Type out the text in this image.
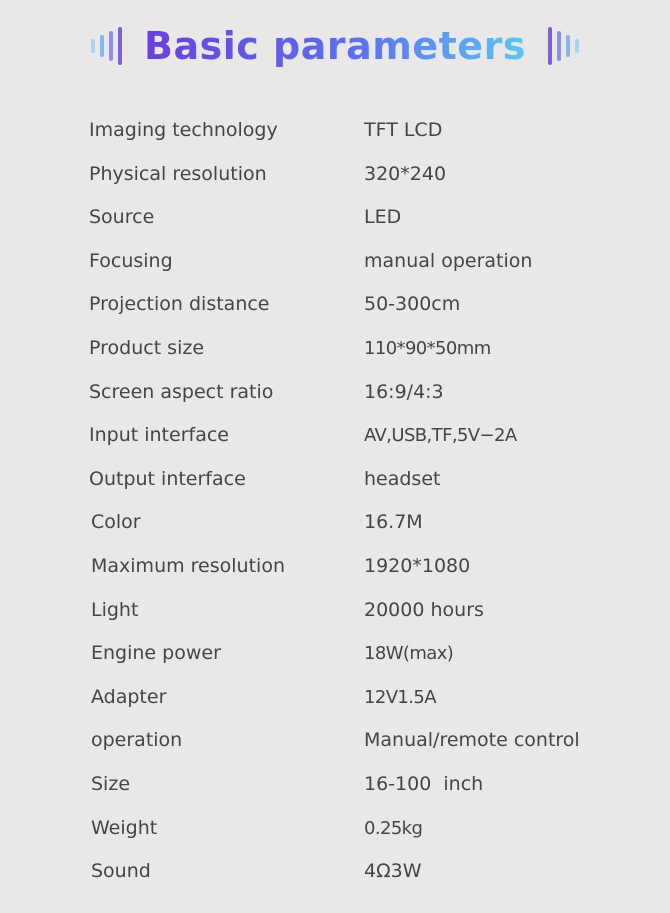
Basic parameters
Imaging technology	TFT LCD
Physical resolution	320*240
Source	LED
Focusing	manual operation
Projection distance	50-300cm
Product size	110*90*50mm
Screen aspect ratio	16:9/4:3
Input interface	AV,USB,TF,5V−2A
Output interface	headset
Color	16.7M
Maximum resolution	1920*1080
Light	20000 hours
Engine power	18W(max)
Adapter	12V1.5A
operation	Manual/remote control
Size	16-100  inch
Weight	0.25kg
Sound	4Ω3W
